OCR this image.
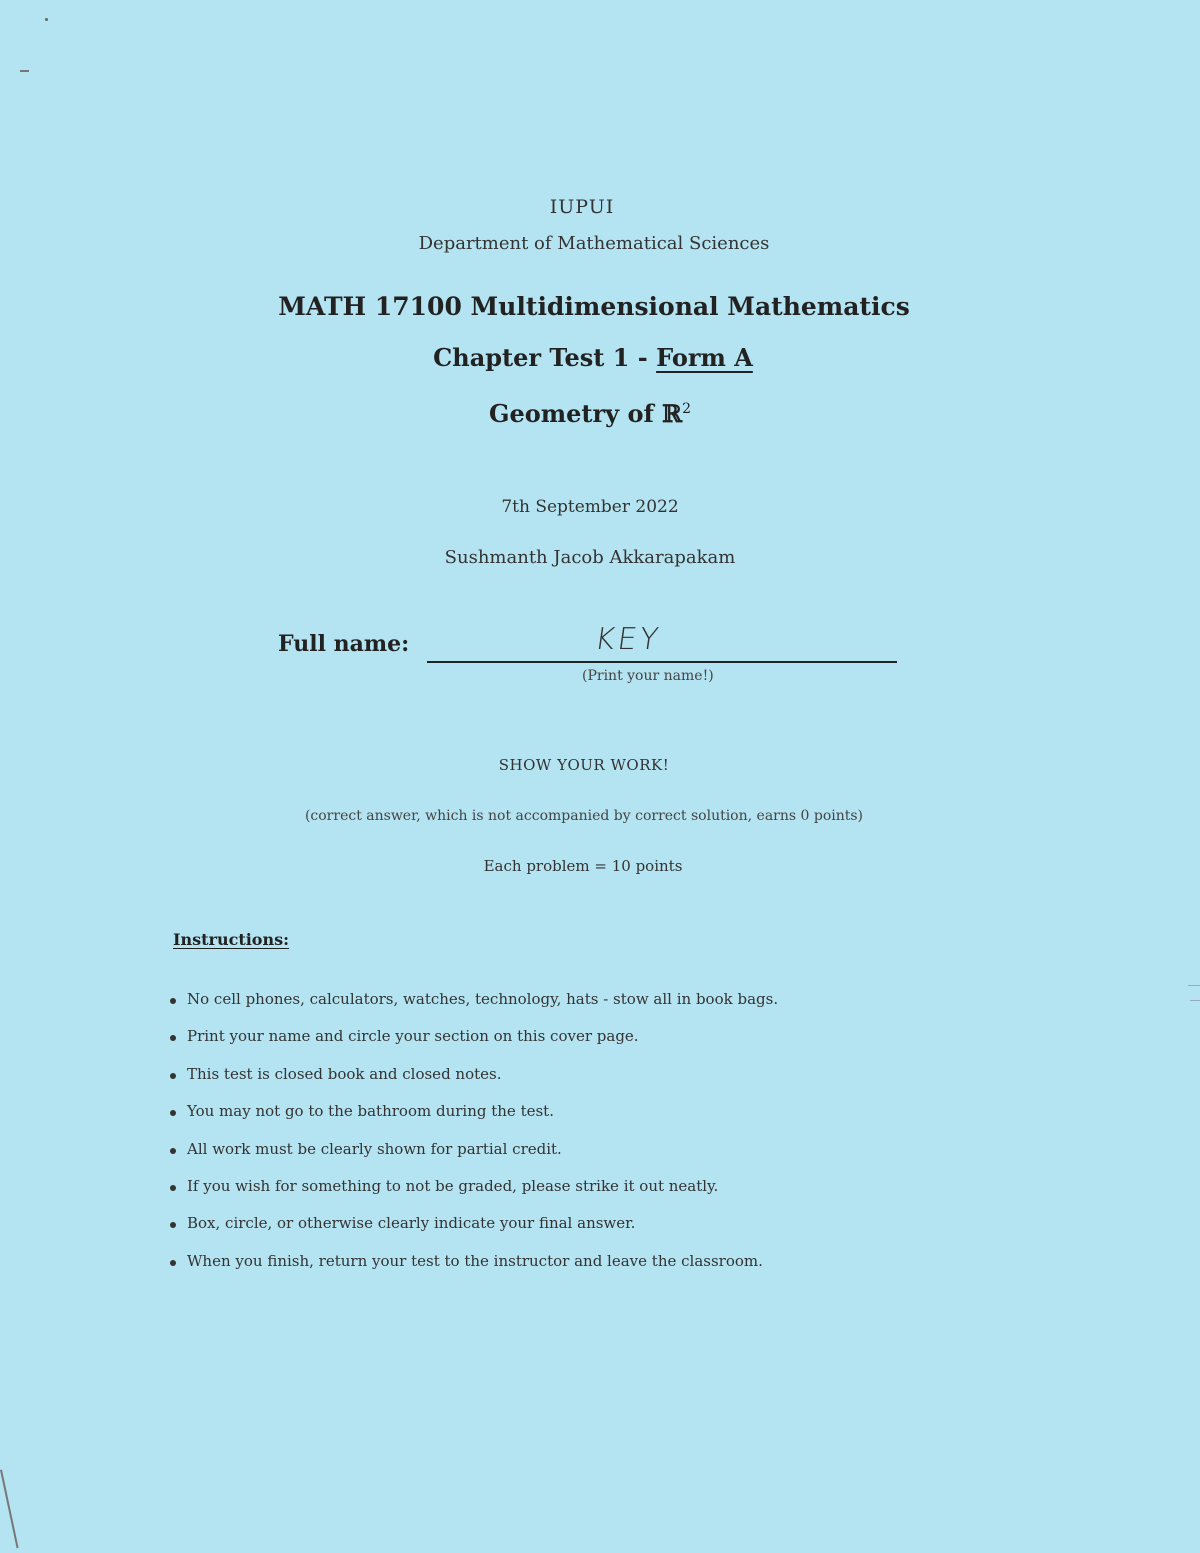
IUPUI
Department of Mathematical Sciences
MATH 17100 Multidimensional Mathematics
Chapter Test 1 - Form A
Geometry of ℝ$^2$
7th September 2022
Sushmanth Jacob Akkarapakam
Full name:	KEY
(Print your name!)
SHOW YOUR WORK!
(correct answer, which is not accompanied by correct solution, earns 0 points)
Each problem = 10 points
Instructions:
No cell phones, calculators, watches, technology, hats - stow all in book bags.
Print your name and circle your section on this cover page.
This test is closed book and closed notes.
You may not go to the bathroom during the test.
All work must be clearly shown for partial credit.
If you wish for something to not be graded, please strike it out neatly.
Box, circle, or otherwise clearly indicate your final answer.
When you finish, return your test to the instructor and leave the classroom.
